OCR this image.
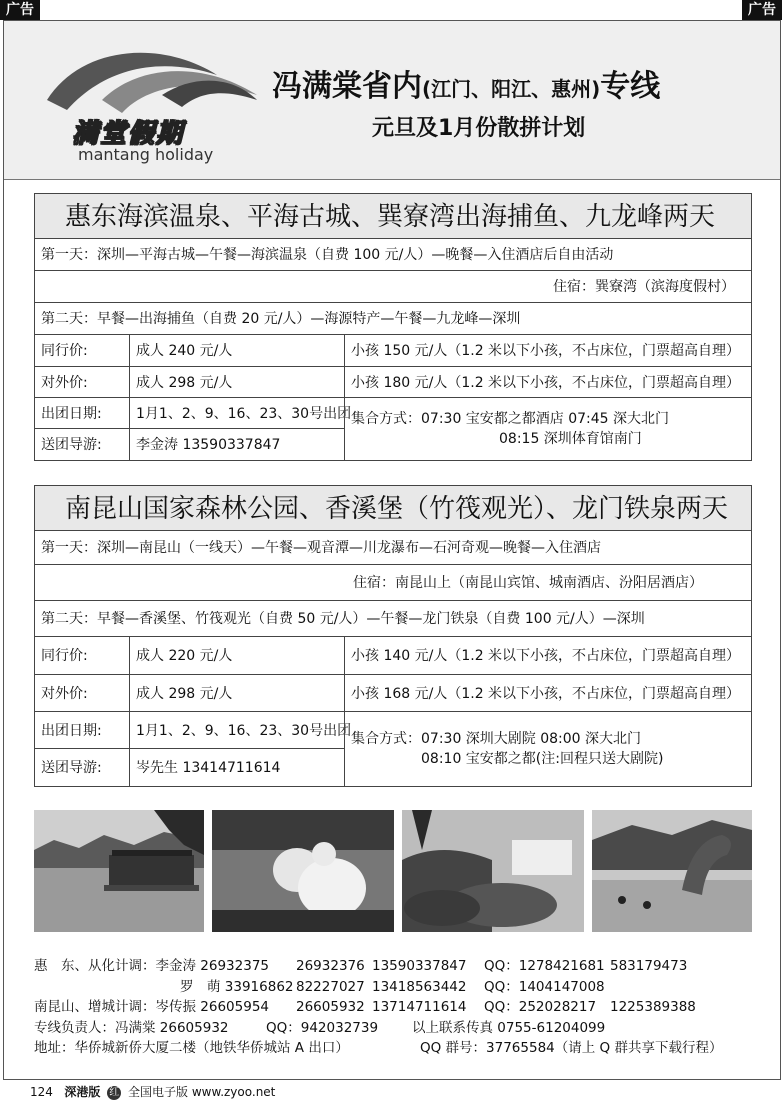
广告	广告
满堂假期
mantang holiday
冯满棠省内(江门、阳江、惠州)专线
元旦及1月份散拼计划
惠东海滨温泉、平海古城、巽寮湾出海捕鱼、九龙峰两天
第一天：深圳—平海古城—午餐—海滨温泉（自费 100 元/人）—晚餐—入住酒店后自由活动
住宿：巽寮湾（滨海度假村）
第二天：早餐—出海捕鱼（自费 20 元/人）—海源特产—午餐—九龙峰—深圳
同行价:	成人 240 元/人	小孩 150 元/人（1.2 米以下小孩，不占床位，门票超高自理）
对外价:	成人 298 元/人	小孩 180 元/人（1.2 米以下小孩，不占床位，门票超高自理）
出团日期:	1月1、2、9、16、23、30号出团
送团导游:	李金涛 13590337847
集合方式：07:30 宝安都之都酒店 07:45 深大北门
08:15 深圳体育馆南门
南昆山国家森林公园、香溪堡（竹筏观光）、龙门铁泉两天
第一天：深圳—南昆山（一线天）—午餐—观音潭—川龙瀑布—石河奇观—晚餐—入住酒店
住宿：南昆山上（南昆山宾馆、城南酒店、汾阳居酒店）
第二天：早餐—香溪堡、竹筏观光（自费 50 元/人）—午餐—龙门铁泉（自费 100 元/人）—深圳
同行价:	成人 220 元/人	小孩 140 元/人（1.2 米以下小孩，不占床位，门票超高自理）
对外价:	成人 298 元/人	小孩 168 元/人（1.2 米以下小孩，不占床位，门票超高自理）
出团日期:	1月1、2、9、16、23、30号出团
送团导游:	岑先生 13414711614
集合方式：07:30 深圳大剧院 08:00 深大北门
08:10 宝安都之都(注:回程只送大剧院)
惠　东、从化计调：李金涛 26932375 26932376 13590337847 QQ：1278421681 583179473
罗　萌 33916862 82227027 13418563442 QQ：1404147008
南昆山、增城计调：岑传振 26605954 26605932 13714711614 QQ：252028217 1225389388
专线负责人：冯满棠 26605932	QQ：942032739	以上联系传真 0755-61204099
地址：华侨城新侨大厦二楼（地铁华侨城站 A 出口）	QQ 群号：37765584（请上 Q 群共享下载行程）
124 深港版 红 全国电子版 www.zyoo.net
